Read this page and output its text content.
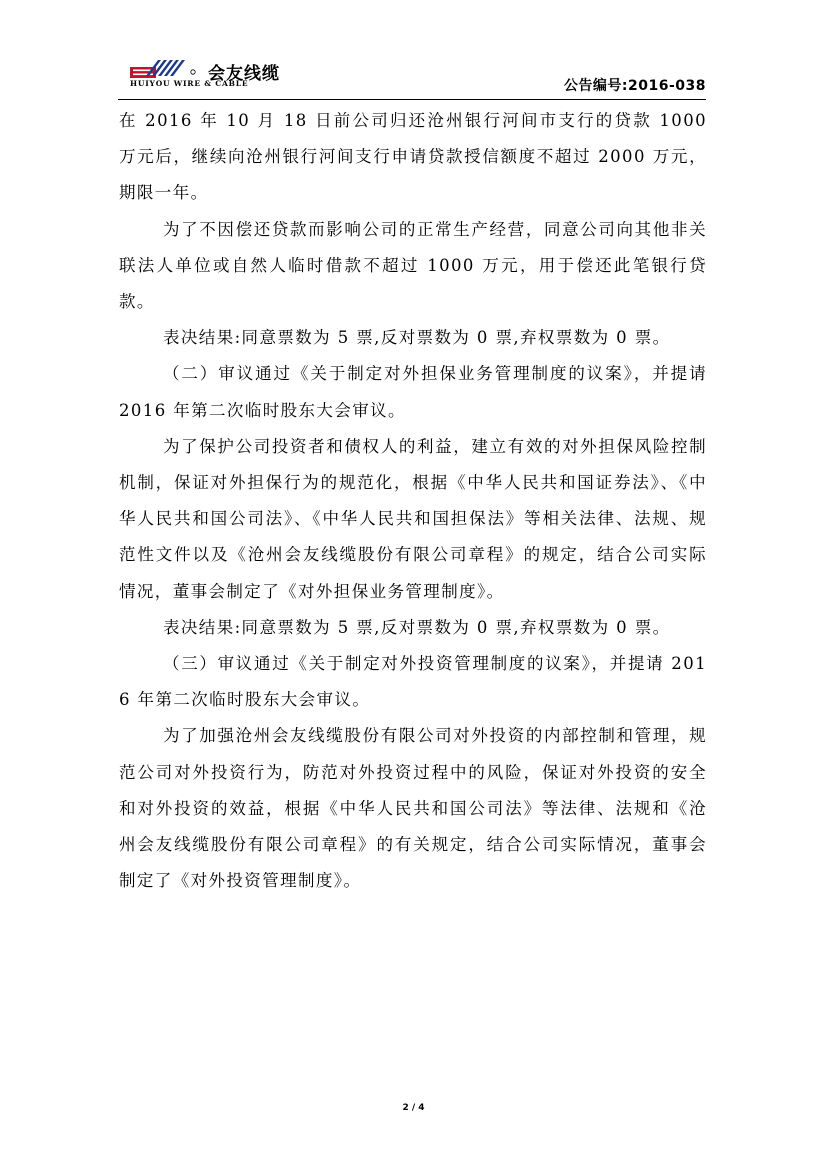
会友线缆
HUIYOU WIRE & CABLE	公告编号:2016-038

在 2016 年 10 月 18 日前公司归还沧州银行河间市支行的贷款 1000 万元后，继续向沧州银行河间支行申请贷款授信额度不超过 2000 万元，期限一年。

为了不因偿还贷款而影响公司的正常生产经营，同意公司向其他非关联法人单位或自然人临时借款不超过 1000 万元，用于偿还此笔银行贷款。

表决结果:同意票数为 5 票,反对票数为 0 票,弃权票数为 0 票。

（二）审议通过《关于制定对外担保业务管理制度的议案》，并提请 2016 年第二次临时股东大会审议。

为了保护公司投资者和债权人的利益，建立有效的对外担保风险控制机制，保证对外担保行为的规范化，根据《中华人民共和国证券法》、《中华人民共和国公司法》、《中华人民共和国担保法》等相关法律、法规、规范性文件以及《沧州会友线缆股份有限公司章程》的规定，结合公司实际情况，董事会制定了《对外担保业务管理制度》。

表决结果:同意票数为 5 票,反对票数为 0 票,弃权票数为 0 票。

（三）审议通过《关于制定对外投资管理制度的议案》，并提请 2016 年第二次临时股东大会审议。

为了加强沧州会友线缆股份有限公司对外投资的内部控制和管理，规范公司对外投资行为，防范对外投资过程中的风险，保证对外投资的安全和对外投资的效益，根据《中华人民共和国公司法》等法律、法规和《沧州会友线缆股份有限公司章程》的有关规定，结合公司实际情况，董事会制定了《对外投资管理制度》。

2 / 4
